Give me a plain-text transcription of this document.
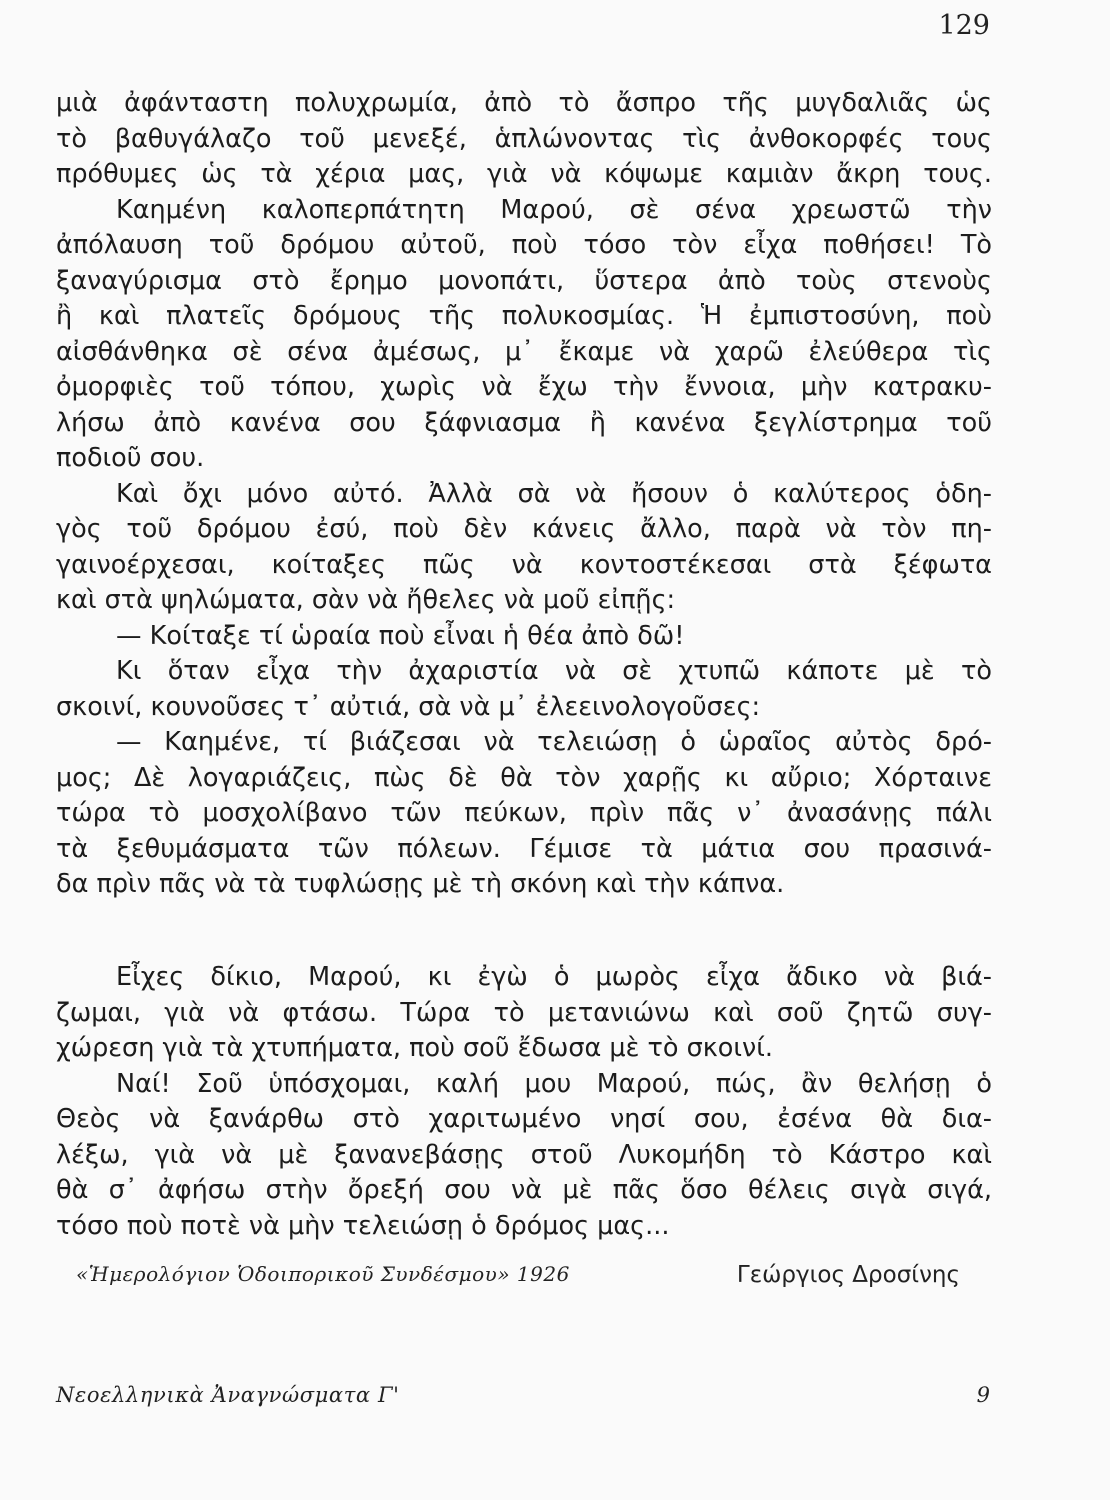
129
μιὰ ἀφάνταστη πολυχρωμία, ἀπὸ τὸ ἄσπρο τῆς μυγδαλιᾶς ὡς
τὸ βαθυγάλαζο τοῦ μενεξέ, ἁπλώνοντας τὶς ἀνθοκορφές τους
πρόθυμες ὡς τὰ χέρια μας, γιὰ νὰ κόψωμε καμιὰν ἄκρη τους.
Καημένη καλοπερπάτητη Μαρού, σὲ σένα χρεωστῶ τὴν
ἀπόλαυση τοῦ δρόμου αὐτοῦ, ποὺ τόσο τὸν εἶχα ποθήσει! Τὸ
ξαναγύρισμα στὸ ἔρημο μονοπάτι, ὕστερα ἀπὸ τοὺς στενοὺς
ἢ καὶ πλατεῖς δρόμους τῆς πολυκοσμίας. Ἡ ἐμπιστοσύνη, ποὺ
αἰσθάνθηκα σὲ σένα ἀμέσως, μ᾽ ἔκαμε νὰ χαρῶ ἐλεύθερα τὶς
ὀμορφιὲς τοῦ τόπου, χωρὶς νὰ ἔχω τὴν ἔννοια, μὴν κατρακυ-
λήσω ἀπὸ κανένα σου ξάφνιασμα ἢ κανένα ξεγλίστρημα τοῦ
ποδιοῦ σου.
Καὶ ὄχι μόνο αὐτό. Ἀλλὰ σὰ νὰ ἤσουν ὁ καλύτερος ὁδη-
γὸς τοῦ δρόμου ἐσύ, ποὺ δὲν κάνεις ἄλλο, παρὰ νὰ τὸν πη-
γαινοέρχεσαι, κοίταξες πῶς νὰ κοντοστέκεσαι στὰ ξέφωτα
καὶ στὰ ψηλώματα, σὰν νὰ ἤθελες νὰ μοῦ εἰπῇς:
— Κοίταξε τί ὡραία ποὺ εἶναι ἡ θέα ἀπὸ δῶ!
Κι ὅταν εἶχα τὴν ἀχαριστία νὰ σὲ χτυπῶ κάποτε μὲ τὸ
σκοινί, κουνοῦσες τ᾽ αὐτιά, σὰ νὰ μ᾽ ἐλεεινολογοῦσες:
— Καημένε, τί βιάζεσαι νὰ τελειώσῃ ὁ ὡραῖος αὐτὸς δρό-
μος; Δὲ λογαριάζεις, πὼς δὲ θὰ τὸν χαρῇς κι αὔριο; Χόρταινε
τώρα τὸ μοσχολίβανο τῶν πεύκων, πρὶν πᾶς ν᾽ ἀνασάνῃς πάλι
τὰ ξεθυμάσματα τῶν πόλεων. Γέμισε τὰ μάτια σου πρασινά-
δα πρὶν πᾶς νὰ τὰ τυφλώσῃς μὲ τὴ σκόνη καὶ τὴν κάπνα.
Εἶχες δίκιο, Μαρού, κι ἐγὼ ὁ μωρὸς εἶχα ἄδικο νὰ βιά-
ζωμαι, γιὰ νὰ φτάσω. Τώρα τὸ μετανιώνω καὶ σοῦ ζητῶ συγ-
χώρεση γιὰ τὰ χτυπήματα, ποὺ σοῦ ἔδωσα μὲ τὸ σκοινί.
Ναί! Σοῦ ὑπόσχομαι, καλή μου Μαρού, πώς, ἂν θελήσῃ ὁ
Θεὸς νὰ ξανάρθω στὸ χαριτωμένο νησί σου, ἐσένα θὰ δια-
λέξω, γιὰ νὰ μὲ ξανανεβάσῃς στοῦ Λυκομήδη τὸ Κάστρο καὶ
θὰ σ᾽ ἀφήσω στὴν ὄρεξή σου νὰ μὲ πᾶς ὅσο θέλεις σιγὰ σιγά,
τόσο ποὺ ποτὲ νὰ μὴν τελειώσῃ ὁ δρόμος μας...
«Ἡμερολόγιον Ὁδοιπορικοῦ Συνδέσμου» 1926	Γεώργιος Δροσίνης
Νεοελληνικὰ Ἀναγνώσματα Γ'	9
